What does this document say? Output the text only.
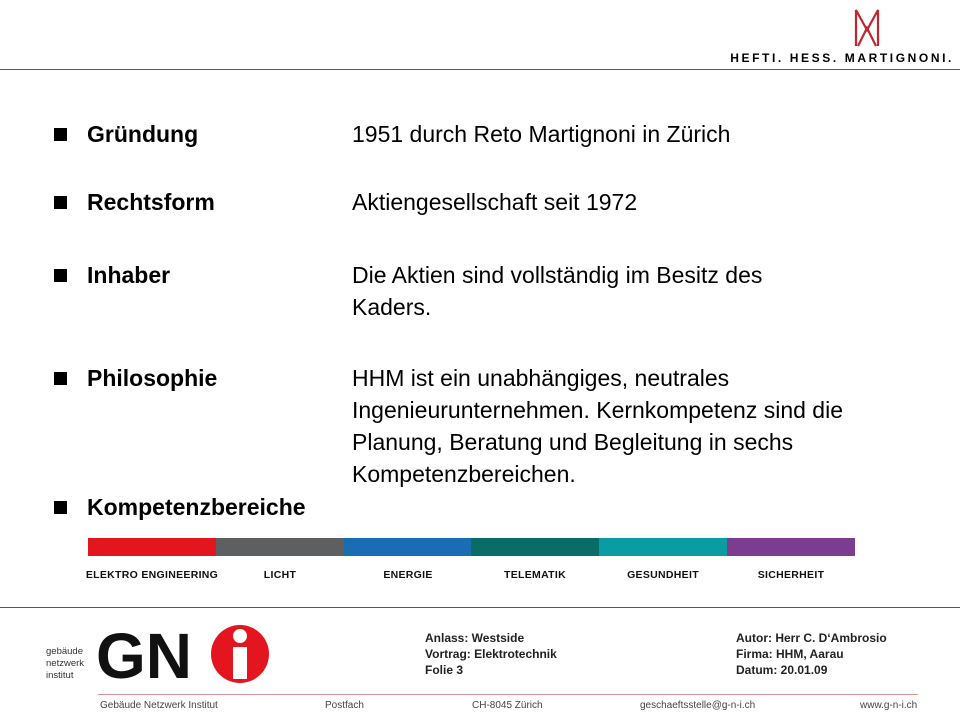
HEFTI. HESS. MARTIGNONI.
Gründung	1951 durch Reto Martignoni in Zürich
Rechtsform	Aktiengesellschaft seit 1972
Inhaber	Die Aktien sind vollständig im Besitz des Kaders.
Philosophie	HHM ist ein unabhängiges, neutrales Ingenieurunternehmen. Kernkompetenz sind die Planung, Beratung und Begleitung in sechs Kompetenzbereichen.
Kompetenzbereiche
ELEKTRO ENGINEERING	LICHT	ENERGIE	TELEMATIK	GESUNDHEIT	SICHERHEIT
gebäude
netzwerk
institut GN	Anlass: Westside
Vortrag: Elektrotechnik
Folie 3
Autor: Herr C. D‘Ambrosio
Firma: HHM, Aarau
Datum: 20.01.09
Gebäude Netzwerk Institut	Postfach	CH-8045 Zürich	geschaeftsstelle@g-n-i.ch	www.g-n-i.ch
